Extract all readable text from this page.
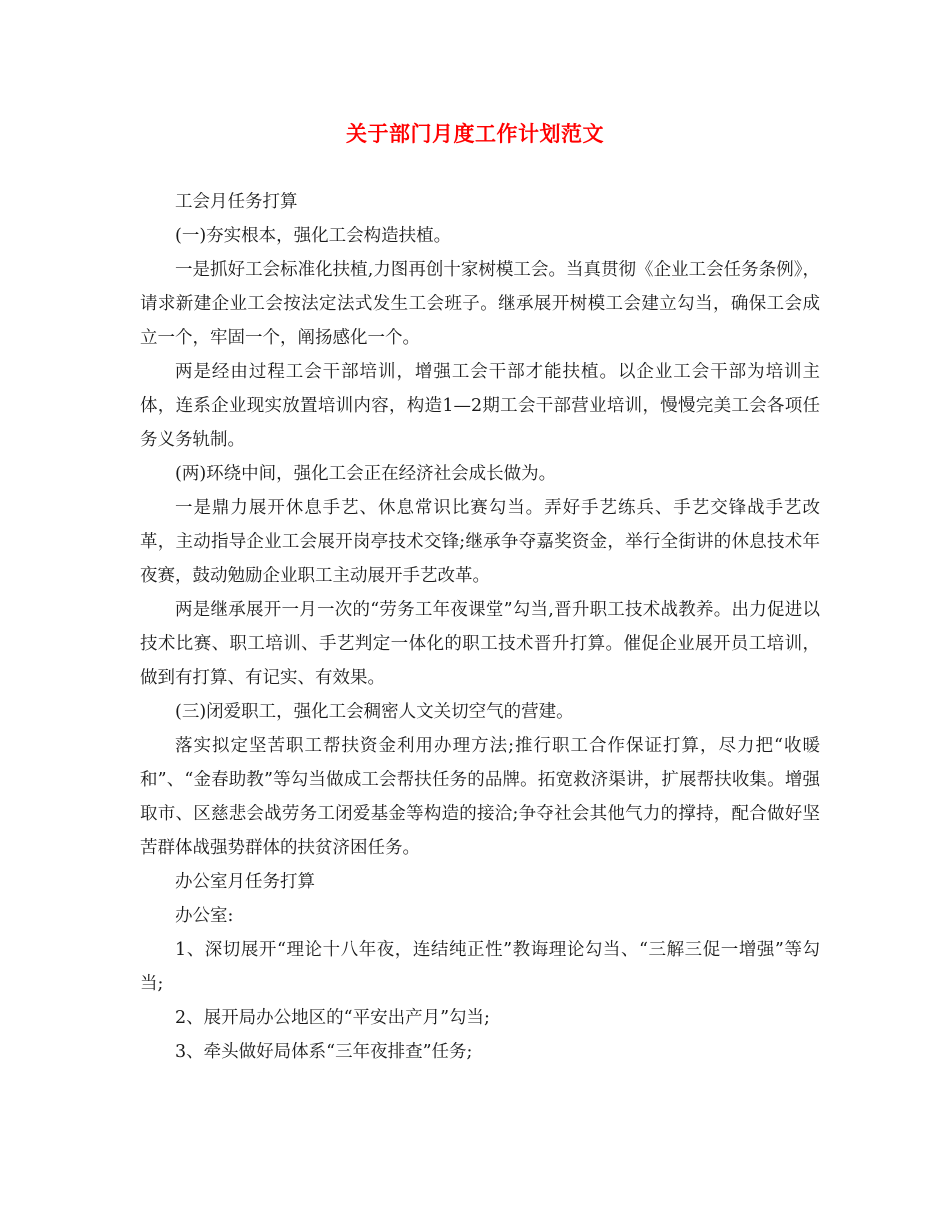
关于部门月度工作计划范文

工会月任务打算

(一)夯实根本，强化工会构造扶植。

一是抓好工会标准化扶植,力图再创十家树模工会。当真贯彻《企业工会任务条例》，请求新建企业工会按法定法式发生工会班子。继承展开树模工会建立勾当，确保工会成立一个，牢固一个，阐扬感化一个。

两是经由过程工会干部培训，增强工会干部才能扶植。以企业工会干部为培训主体，连系企业现实放置培训内容，构造1—2期工会干部营业培训，慢慢完美工会各项任务义务轨制。

(两)环绕中间，强化工会正在经济社会成长做为。

一是鼎力展开休息手艺、休息常识比赛勾当。弄好手艺练兵、手艺交锋战手艺改革，主动指导企业工会展开岗亭技术交锋;继承争夺嘉奖资金，举行全街讲的休息技术年夜赛，鼓动勉励企业职工主动展开手艺改革。

两是继承展开一月一次的“劳务工年夜课堂”勾当,晋升职工技术战教养。出力促进以技术比赛、职工培训、手艺判定一体化的职工技术晋升打算。催促企业展开员工培训，做到有打算、有记实、有效果。

(三)闭爱职工，强化工会稠密人文关切空气的营建。

落实拟定坚苦职工帮扶资金利用办理方法;推行职工合作保证打算，尽力把“收暖和”、“金春助教”等勾当做成工会帮扶任务的品牌。拓宽救济渠讲，扩展帮扶收集。增强取市、区慈悲会战劳务工闭爱基金等构造的接洽;争夺社会其他气力的撑持，配合做好坚苦群体战强势群体的扶贫济困任务。

办公室月任务打算

办公室:

1、深切展开“理论十八年夜，连结纯正性”教诲理论勾当、“三解三促一增强”等勾当;

2、展开局办公地区的“平安出产月”勾当;

3、牵头做好局体系“三年夜排查”任务;
